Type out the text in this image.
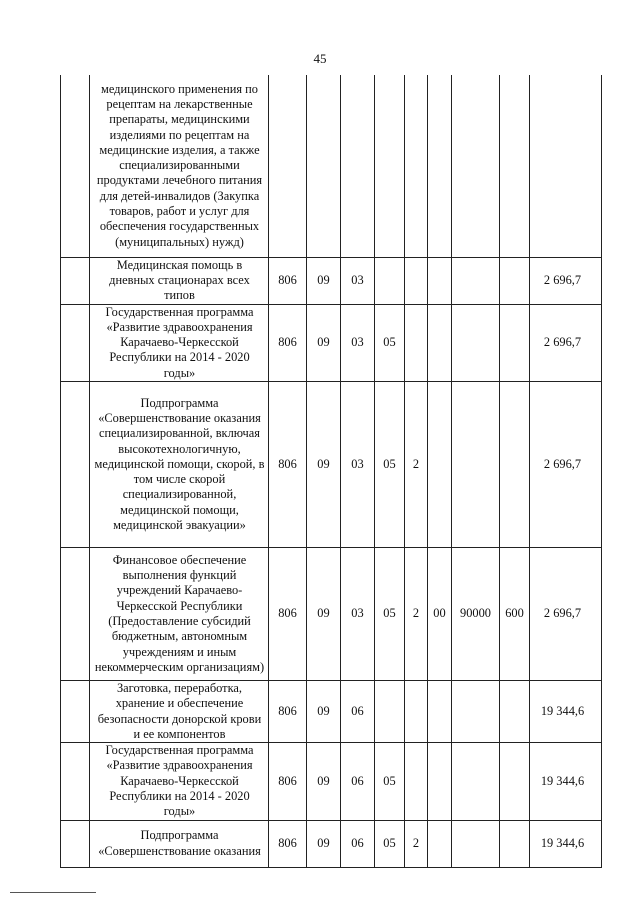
45
	медицинского применения по рецептам на лекарственные препараты, медицинскими изделиями по рецептам на медицинские изделия, а также специализированными продуктами лечебного питания для детей-инвалидов (Закупка товаров, работ и услуг для обеспечения государственных (муниципальных) нужд)									
	Медицинская помощь в дневных стационарах всех типов	806	09	03						2 696,7
	Государственная программа «Развитие здравоохранения Карачаево-Черкесской Республики на 2014 - 2020 годы»	806	09	03	05					2 696,7
	Подпрограмма «Совершенствование оказания специализированной, включая высокотехнологичную, медицинской помощи, скорой, в том числе скорой специализированной, медицинской помощи, медицинской эвакуации»	806	09	03	05	2				2 696,7
	Финансовое обеспечение выполнения функций учреждений Карачаево-Черкесской Республики (Предоставление субсидий бюджетным, автономным учреждениям и иным некоммерческим организациям)	806	09	03	05	2	00	90000	600	2 696,7
	Заготовка, переработка, хранение и обеспечение безопасности донорской крови и ее компонентов	806	09	06						19 344,6
	Государственная программа «Развитие здравоохранения Карачаево-Черкесской Республики на 2014 - 2020 годы»	806	09	06	05					19 344,6
	Подпрограмма «Совершенствование оказания	806	09	06	05	2				19 344,6
